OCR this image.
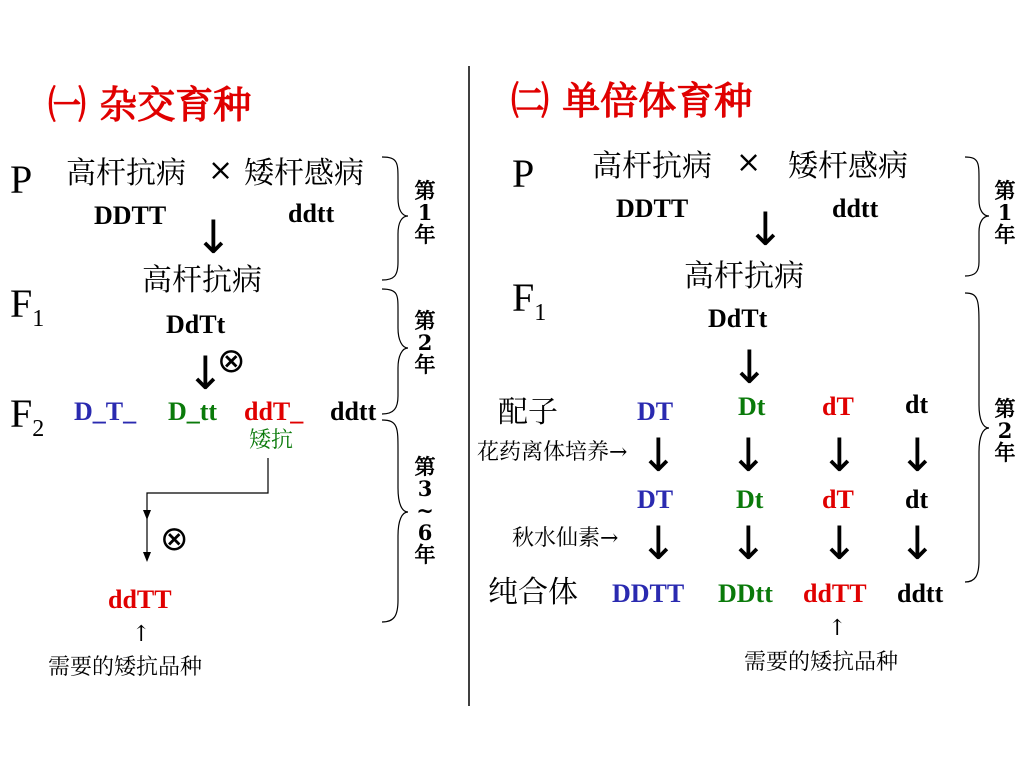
㈠ 杂交育种
P 高杆抗病 × 矮杆感病
DDTT	ddtt
↓
$F_1$
高杆抗病
DdTt
⊗
↓
$F_2$
D_T_ D_tt ddT_ ddtt
矮抗
⊗
ddTT
↑
需要的矮抗品种
第
1
年
第
2
年
第
3
~
6
年
㈡ 单倍体育种
P 高杆抗病 × 矮杆感病
DDTT	ddtt
↓
$F_1$
高杆抗病
DdTt
↓
配子	DT Dt dT dt
花药离体培养→ ↓ ↓ ↓ ↓
DT Dt dT dt
秋水仙素→ ↓ ↓ ↓ ↓
纯合体 DDTT DDtt ddTT ddtt
↑
需要的矮抗品种
第
1
年
第
2
年
